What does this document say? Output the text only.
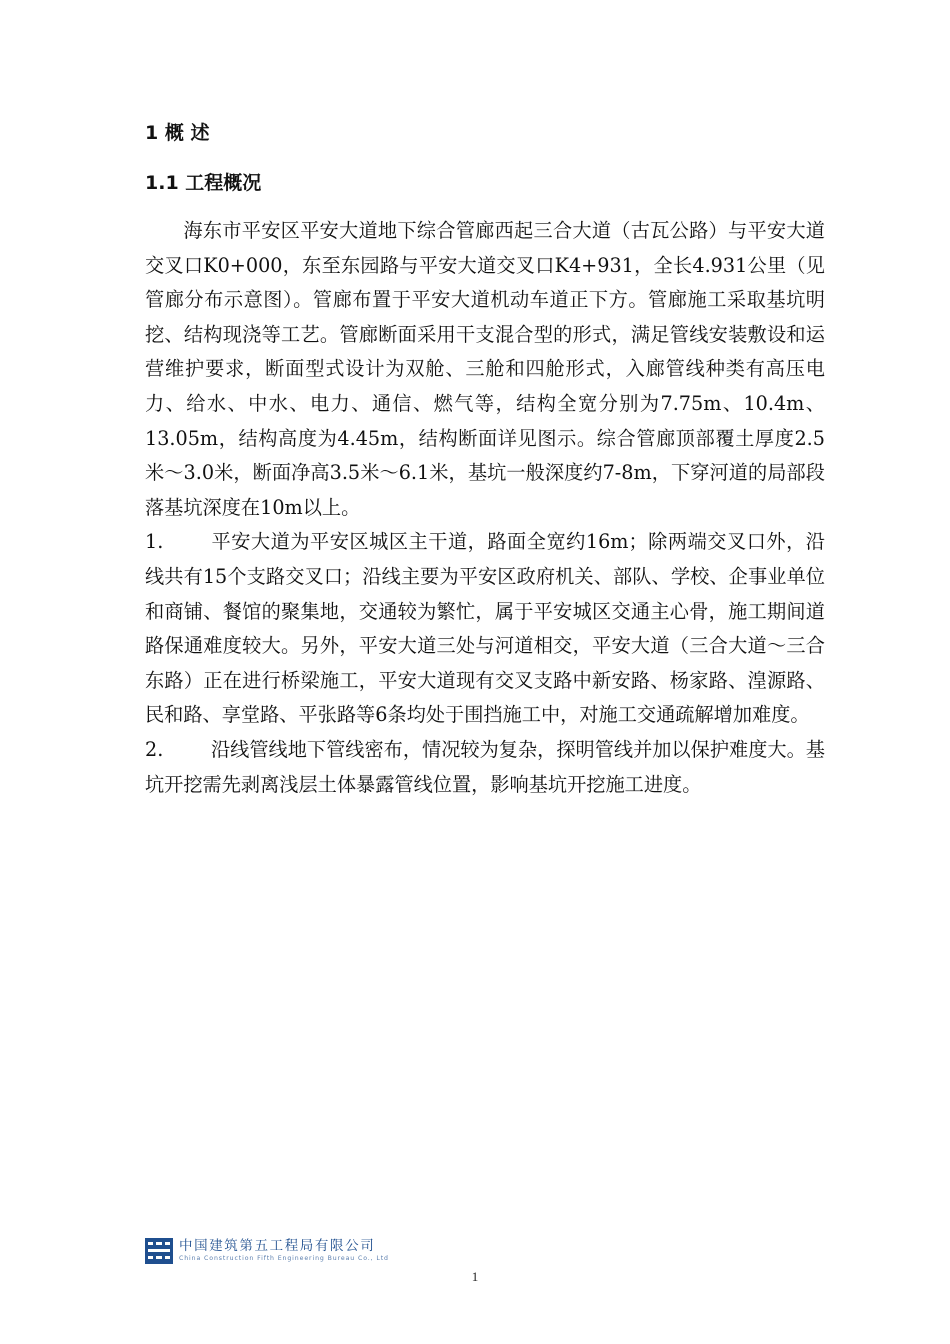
1 概 述
1.1 工程概况

海东市平安区平安大道地下综合管廊西起三合大道（古瓦公路）与平安大道交叉口K0+000，东至东园路与平安大道交叉口K4+931，全长4.931公里（见管廊分布示意图）。管廊布置于平安大道机动车道正下方。管廊施工采取基坑明挖、结构现浇等工艺。管廊断面采用干支混合型的形式，满足管线安装敷设和运营维护要求，断面型式设计为双舱、三舱和四舱形式，入廊管线种类有高压电力、给水、中水、电力、通信、燃气等，结构全宽分别为7.75m、10.4m、13.05m，结构高度为4.45m，结构断面详见图示。综合管廊顶部覆土厚度2.5米～3.0米，断面净高3.5米～6.1米，基坑一般深度约7-8m，下穿河道的局部段落基坑深度在10m以上。

1. 平安大道为平安区城区主干道，路面全宽约16m；除两端交叉口外，沿线共有15个支路交叉口；沿线主要为平安区政府机关、部队、学校、企事业单位和商铺、餐馆的聚集地，交通较为繁忙，属于平安城区交通主心骨，施工期间道路保通难度较大。另外，平安大道三处与河道相交，平安大道（三合大道～三合东路）正在进行桥梁施工，平安大道现有交叉支路中新安路、杨家路、湟源路、民和路、享堂路、平张路等6条均处于围挡施工中，对施工交通疏解增加难度。

2. 沿线管线地下管线密布，情况较为复杂，探明管线并加以保护难度大。基坑开挖需先剥离浅层土体暴露管线位置，影响基坑开挖施工进度。

中国建筑第五工程局有限公司
China Construction Fifth Engineering Bureau Co., Ltd
1
